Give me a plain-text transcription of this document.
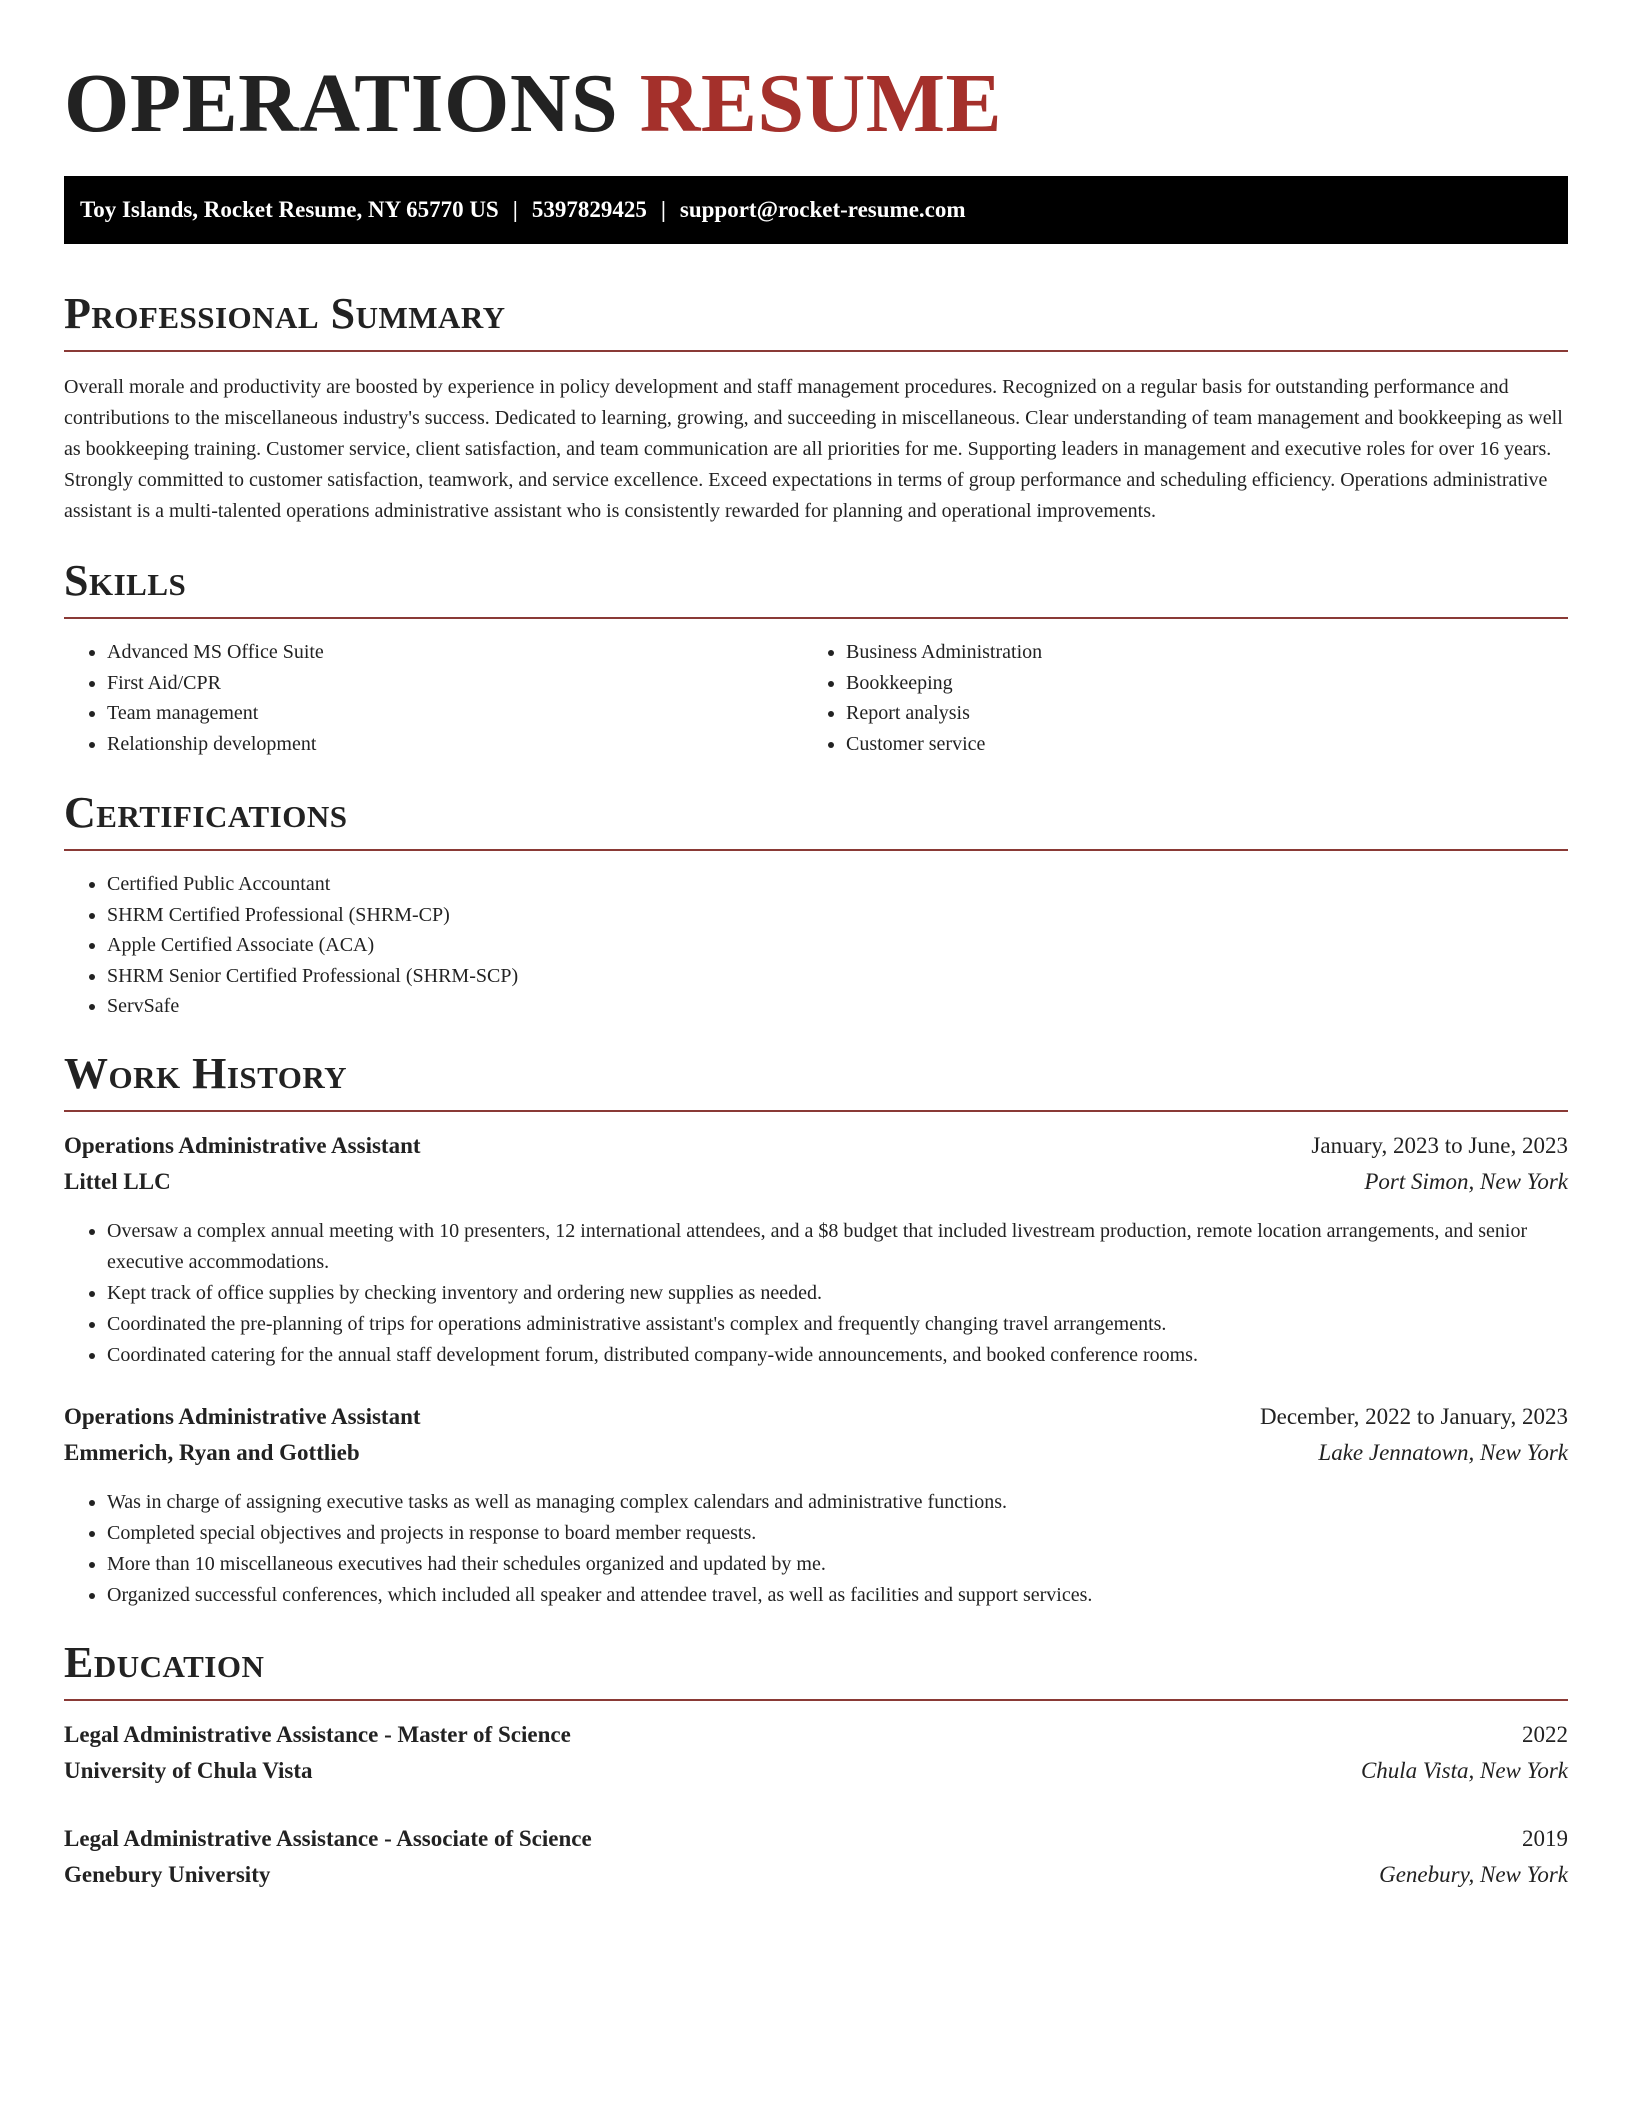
OPERATIONS RESUME
Toy Islands, Rocket Resume, NY 65770 US | 5397829425 | support@rocket-resume.com
Professional Summary

Overall morale and productivity are boosted by experience in policy development and staff management procedures. Recognized on a regular basis for outstanding performance and contributions to the miscellaneous industry's success. Dedicated to learning, growing, and succeeding in miscellaneous. Clear understanding of team management and bookkeeping as well as bookkeeping training. Customer service, client satisfaction, and team communication are all priorities for me. Supporting leaders in management and executive roles for over 16 years. Strongly committed to customer satisfaction, teamwork, and service excellence. Exceed expectations in terms of group performance and scheduling efficiency. Operations administrative assistant is a multi-talented operations administrative assistant who is consistently rewarded for planning and operational improvements.

Skills
• Advanced MS Office Suite
• First Aid/CPR
• Team management
• Relationship development
• Business Administration
• Bookkeeping
• Report analysis
• Customer service
Certifications
• Certified Public Accountant
• SHRM Certified Professional (SHRM-CP)
• Apple Certified Associate (ACA)
• SHRM Senior Certified Professional (SHRM-SCP)
• ServSafe
Work History
Operations Administrative Assistant	January, 2023 to June, 2023
Littel LLC	Port Simon, New York
• Oversaw a complex annual meeting with 10 presenters, 12 international attendees, and a $8 budget that included livestream production, remote location arrangements, and senior executive accommodations.
• Kept track of office supplies by checking inventory and ordering new supplies as needed.
• Coordinated the pre-planning of trips for operations administrative assistant's complex and frequently changing travel arrangements.
• Coordinated catering for the annual staff development forum, distributed company-wide announcements, and booked conference rooms.
Operations Administrative Assistant	December, 2022 to January, 2023
Emmerich, Ryan and Gottlieb	Lake Jennatown, New York
• Was in charge of assigning executive tasks as well as managing complex calendars and administrative functions.
• Completed special objectives and projects in response to board member requests.
• More than 10 miscellaneous executives had their schedules organized and updated by me.
• Organized successful conferences, which included all speaker and attendee travel, as well as facilities and support services.
Education
Legal Administrative Assistance - Master of Science	2022
University of Chula Vista	Chula Vista, New York
Legal Administrative Assistance - Associate of Science	2019
Genebury University	Genebury, New York
